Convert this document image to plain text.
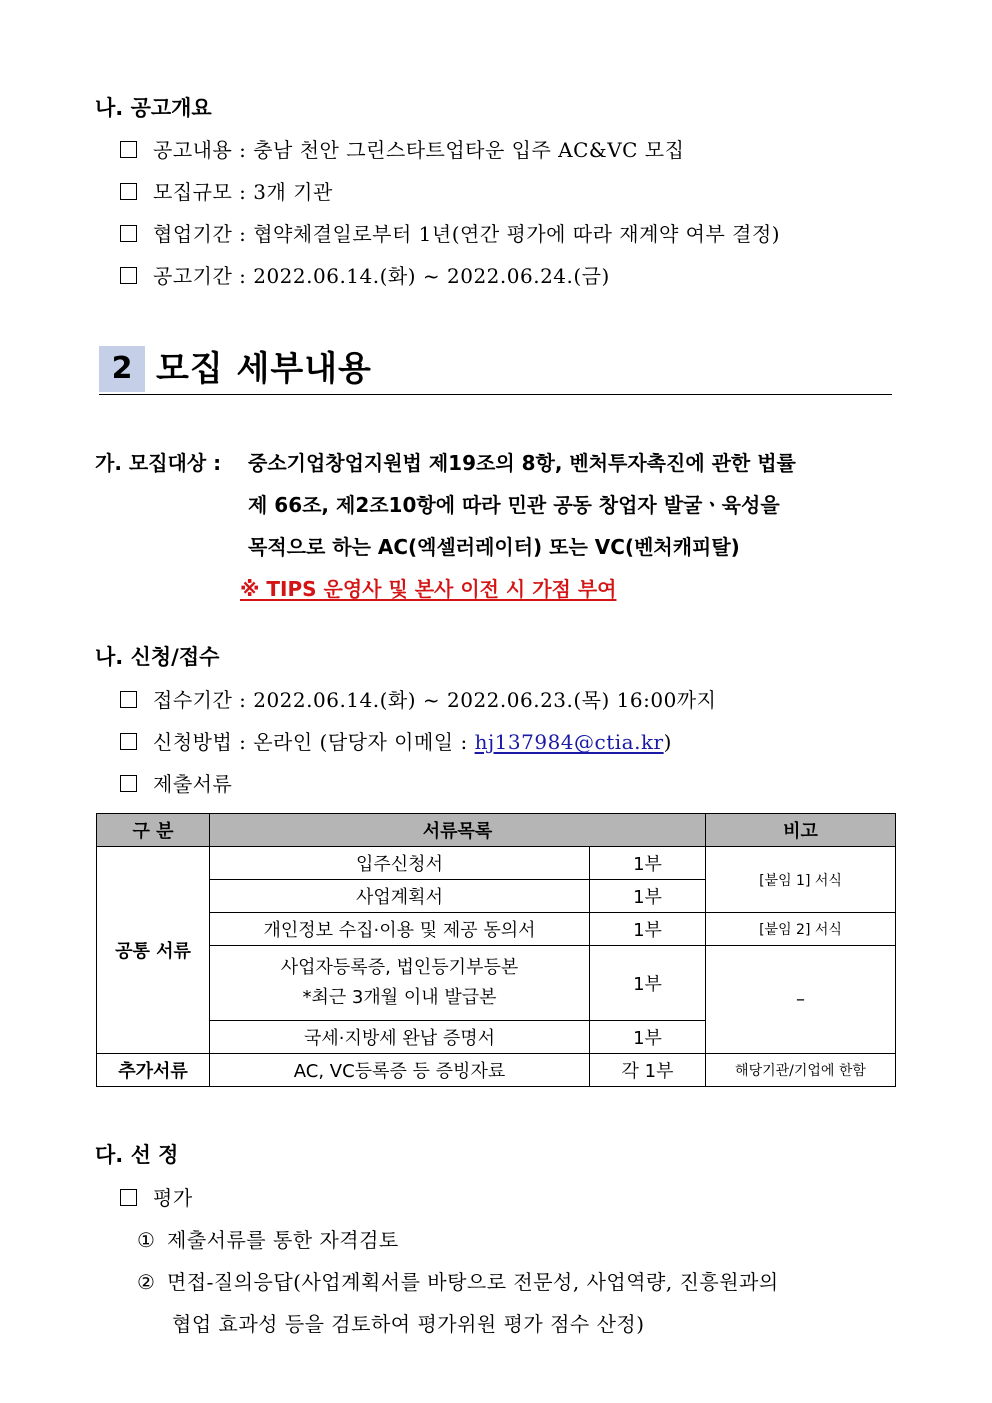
나. 공고개요
공고내용 : 충남 천안 그린스타트업타운 입주 AC&VC 모집
모집규모 : 3개 기관
협업기간 : 협약체결일로부터 1년(연간 평가에 따라 재계약 여부 결정)
공고기간 : 2022.06.14.(화) ~ 2022.06.24.(금)
2 모집 세부내용
가. 모집대상 : 중소기업창업지원법 제19조의 8항, 벤처투자촉진에 관한 법률
제 66조, 제2조10항에 따라 민관 공동 창업자 발굴ㆍ육성을
목적으로 하는 AC(엑셀러레이터) 또는 VC(벤처캐피탈)
※ TIPS 운영사 및 본사 이전 시 가점 부여
나. 신청/접수
접수기간 : 2022.06.14.(화) ~ 2022.06.23.(목) 16:00까지
신청방법 : 온라인 (담당자 이메일 : hj137984@ctia.kr)
제출서류
구 분	서류목록		비고
공통 서류	입주신청서	1부	[붙임 1] 서식
	사업계획서	1부	
	개인정보 수집·이용 및 제공 동의서	1부	[붙임 2] 서식

	사업자등록증, 법인등기부등본
*최근 3개월 이내 발급본	1부	–
	국세·지방세 완납 증명서	1부	
추가서류	AC, VC등록증 등 증빙자료	각 1부	해당기관/기업에 한함
다. 선 정
평가
① 제출서류를 통한 자격검토
② 면접-질의응답(사업계획서를 바탕으로 전문성, 사업역량, 진흥원과의
협업 효과성 등을 검토하여 평가위원 평가 점수 산정)
